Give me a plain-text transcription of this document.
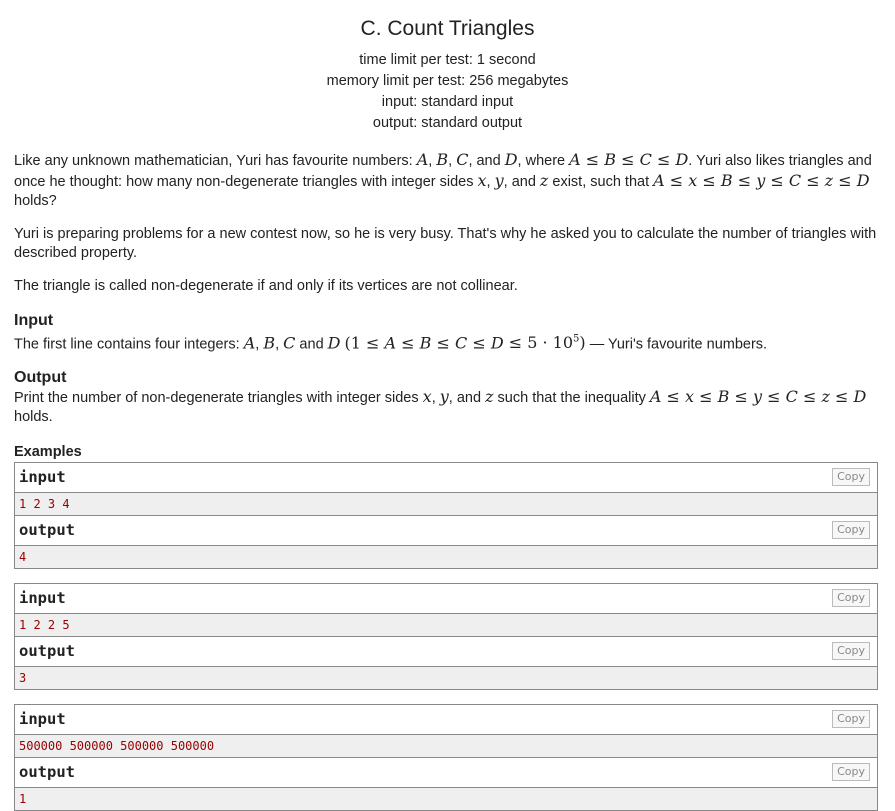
C. Count Triangles
time limit per test: 1 second
memory limit per test: 256 megabytes
input: standard input
output: standard output

Like any unknown mathematician, Yuri has favourite numbers: A, B, C, and D, where A ≤ B ≤ C ≤ D. Yuri also likes triangles and once he thought: how many non-degenerate triangles with integer sides x, y, and z exist, such that A ≤ x ≤ B ≤ y ≤ C ≤ z ≤ D holds?

Yuri is preparing problems for a new contest now, so he is very busy. That's why he asked you to calculate the number of triangles with described property.

The triangle is called non-degenerate if and only if its vertices are not collinear.

Input

The first line contains four integers: A, B, C and D $(1 \le A \le B \le C \le D \le 5 \cdot 10^5)$ — Yuri's favourite numbers.

Output

Print the number of non-degenerate triangles with integer sides x, y, and z such that the inequality A ≤ x ≤ B ≤ y ≤ C ≤ z ≤ D holds.

Examples
input	Copy
1 2 3 4
output	Copy
4
input	Copy
1 2 2 5
output	Copy
3
input	Copy
500000 500000 500000 500000
output	Copy
1
